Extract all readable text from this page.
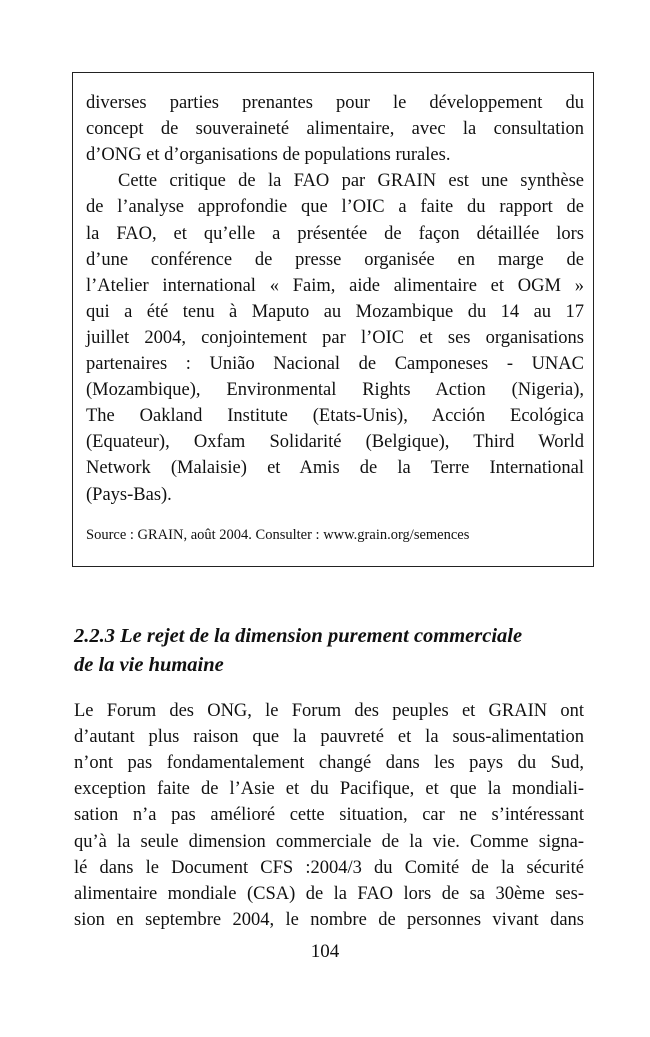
diverses parties prenantes pour le développement du
concept de souveraineté alimentaire, avec la consultation
d’ONG et d’organisations de populations rurales.
Cette critique de la FAO par GRAIN est une synthèse
de l’analyse approfondie que l’OIC a faite du rapport de
la FAO, et qu’elle a présentée de façon détaillée lors
d’une conférence de presse organisée en marge de
l’Atelier international « Faim, aide alimentaire et OGM »
qui a été tenu à Maputo au Mozambique du 14 au 17
juillet 2004, conjointement par l’OIC et ses organisations
partenaires : União Nacional de Camponeses - UNAC
(Mozambique), Environmental Rights Action (Nigeria),
The Oakland Institute (Etats-Unis), Acción Ecológica
(Equateur), Oxfam Solidarité (Belgique), Third World
Network (Malaisie) et Amis de la Terre International
(Pays-Bas).
Source : GRAIN, août 2004. Consulter : www.grain.org/semences
2.2.3 Le rejet de la dimension purement commerciale
de la vie humaine
Le Forum des ONG, le Forum des peuples et GRAIN ont
d’autant plus raison que la pauvreté et la sous-alimentation
n’ont pas fondamentalement changé dans les pays du Sud,
exception faite de l’Asie et du Pacifique, et que la mondiali-
sation n’a pas amélioré cette situation, car ne s’intéressant
qu’à la seule dimension commerciale de la vie. Comme signa-
lé dans le Document CFS :2004/3 du Comité de la sécurité
alimentaire mondiale (CSA) de la FAO lors de sa 30ème ses-
sion en septembre 2004, le nombre de personnes vivant dans
104
